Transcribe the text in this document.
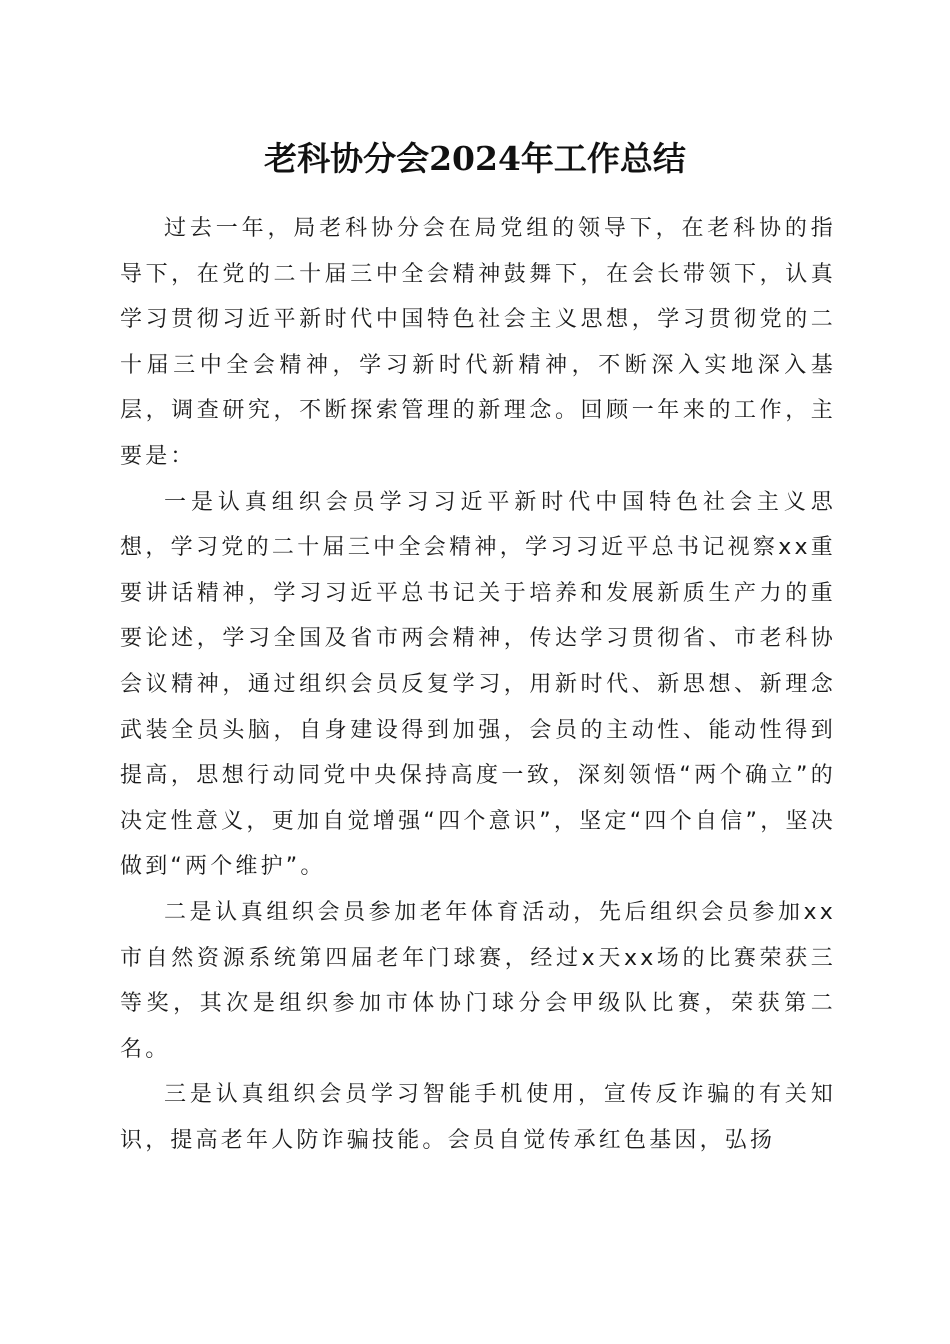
老科协分会2024年工作总结

过去一年，局老科协分会在局党组的领导下，在老科协的指导下，在党的二十届三中全会精神鼓舞下，在会长带领下，认真学习贯彻习近平新时代中国特色社会主义思想，学习贯彻党的二十届三中全会精神，学习新时代新精神，不断深入实地深入基层，调查研究，不断探索管理的新理念。回顾一年来的工作，主要是：

一是认真组织会员学习习近平新时代中国特色社会主义思想，学习党的二十届三中全会精神，学习习近平总书记视察xx重要讲话精神，学习习近平总书记关于培养和发展新质生产力的重要论述，学习全国及省市两会精神，传达学习贯彻省、市老科协会议精神，通过组织会员反复学习，用新时代、新思想、新理念武装全员头脑，自身建设得到加强，会员的主动性、能动性得到提高，思想行动同党中央保持高度一致，深刻领悟“两个确立”的决定性意义，更加自觉增强“四个意识”，坚定“四个自信”，坚决做到“两个维护”。

二是认真组织会员参加老年体育活动，先后组织会员参加xx市自然资源系统第四届老年门球赛，经过x天xx场的比赛荣获三等奖，其次是组织参加市体协门球分会甲级队比赛，荣获第二名。

三是认真组织会员学习智能手机使用，宣传反诈骗的有关知识，提高老年人防诈骗技能。会员自觉传承红色基因，弘扬
